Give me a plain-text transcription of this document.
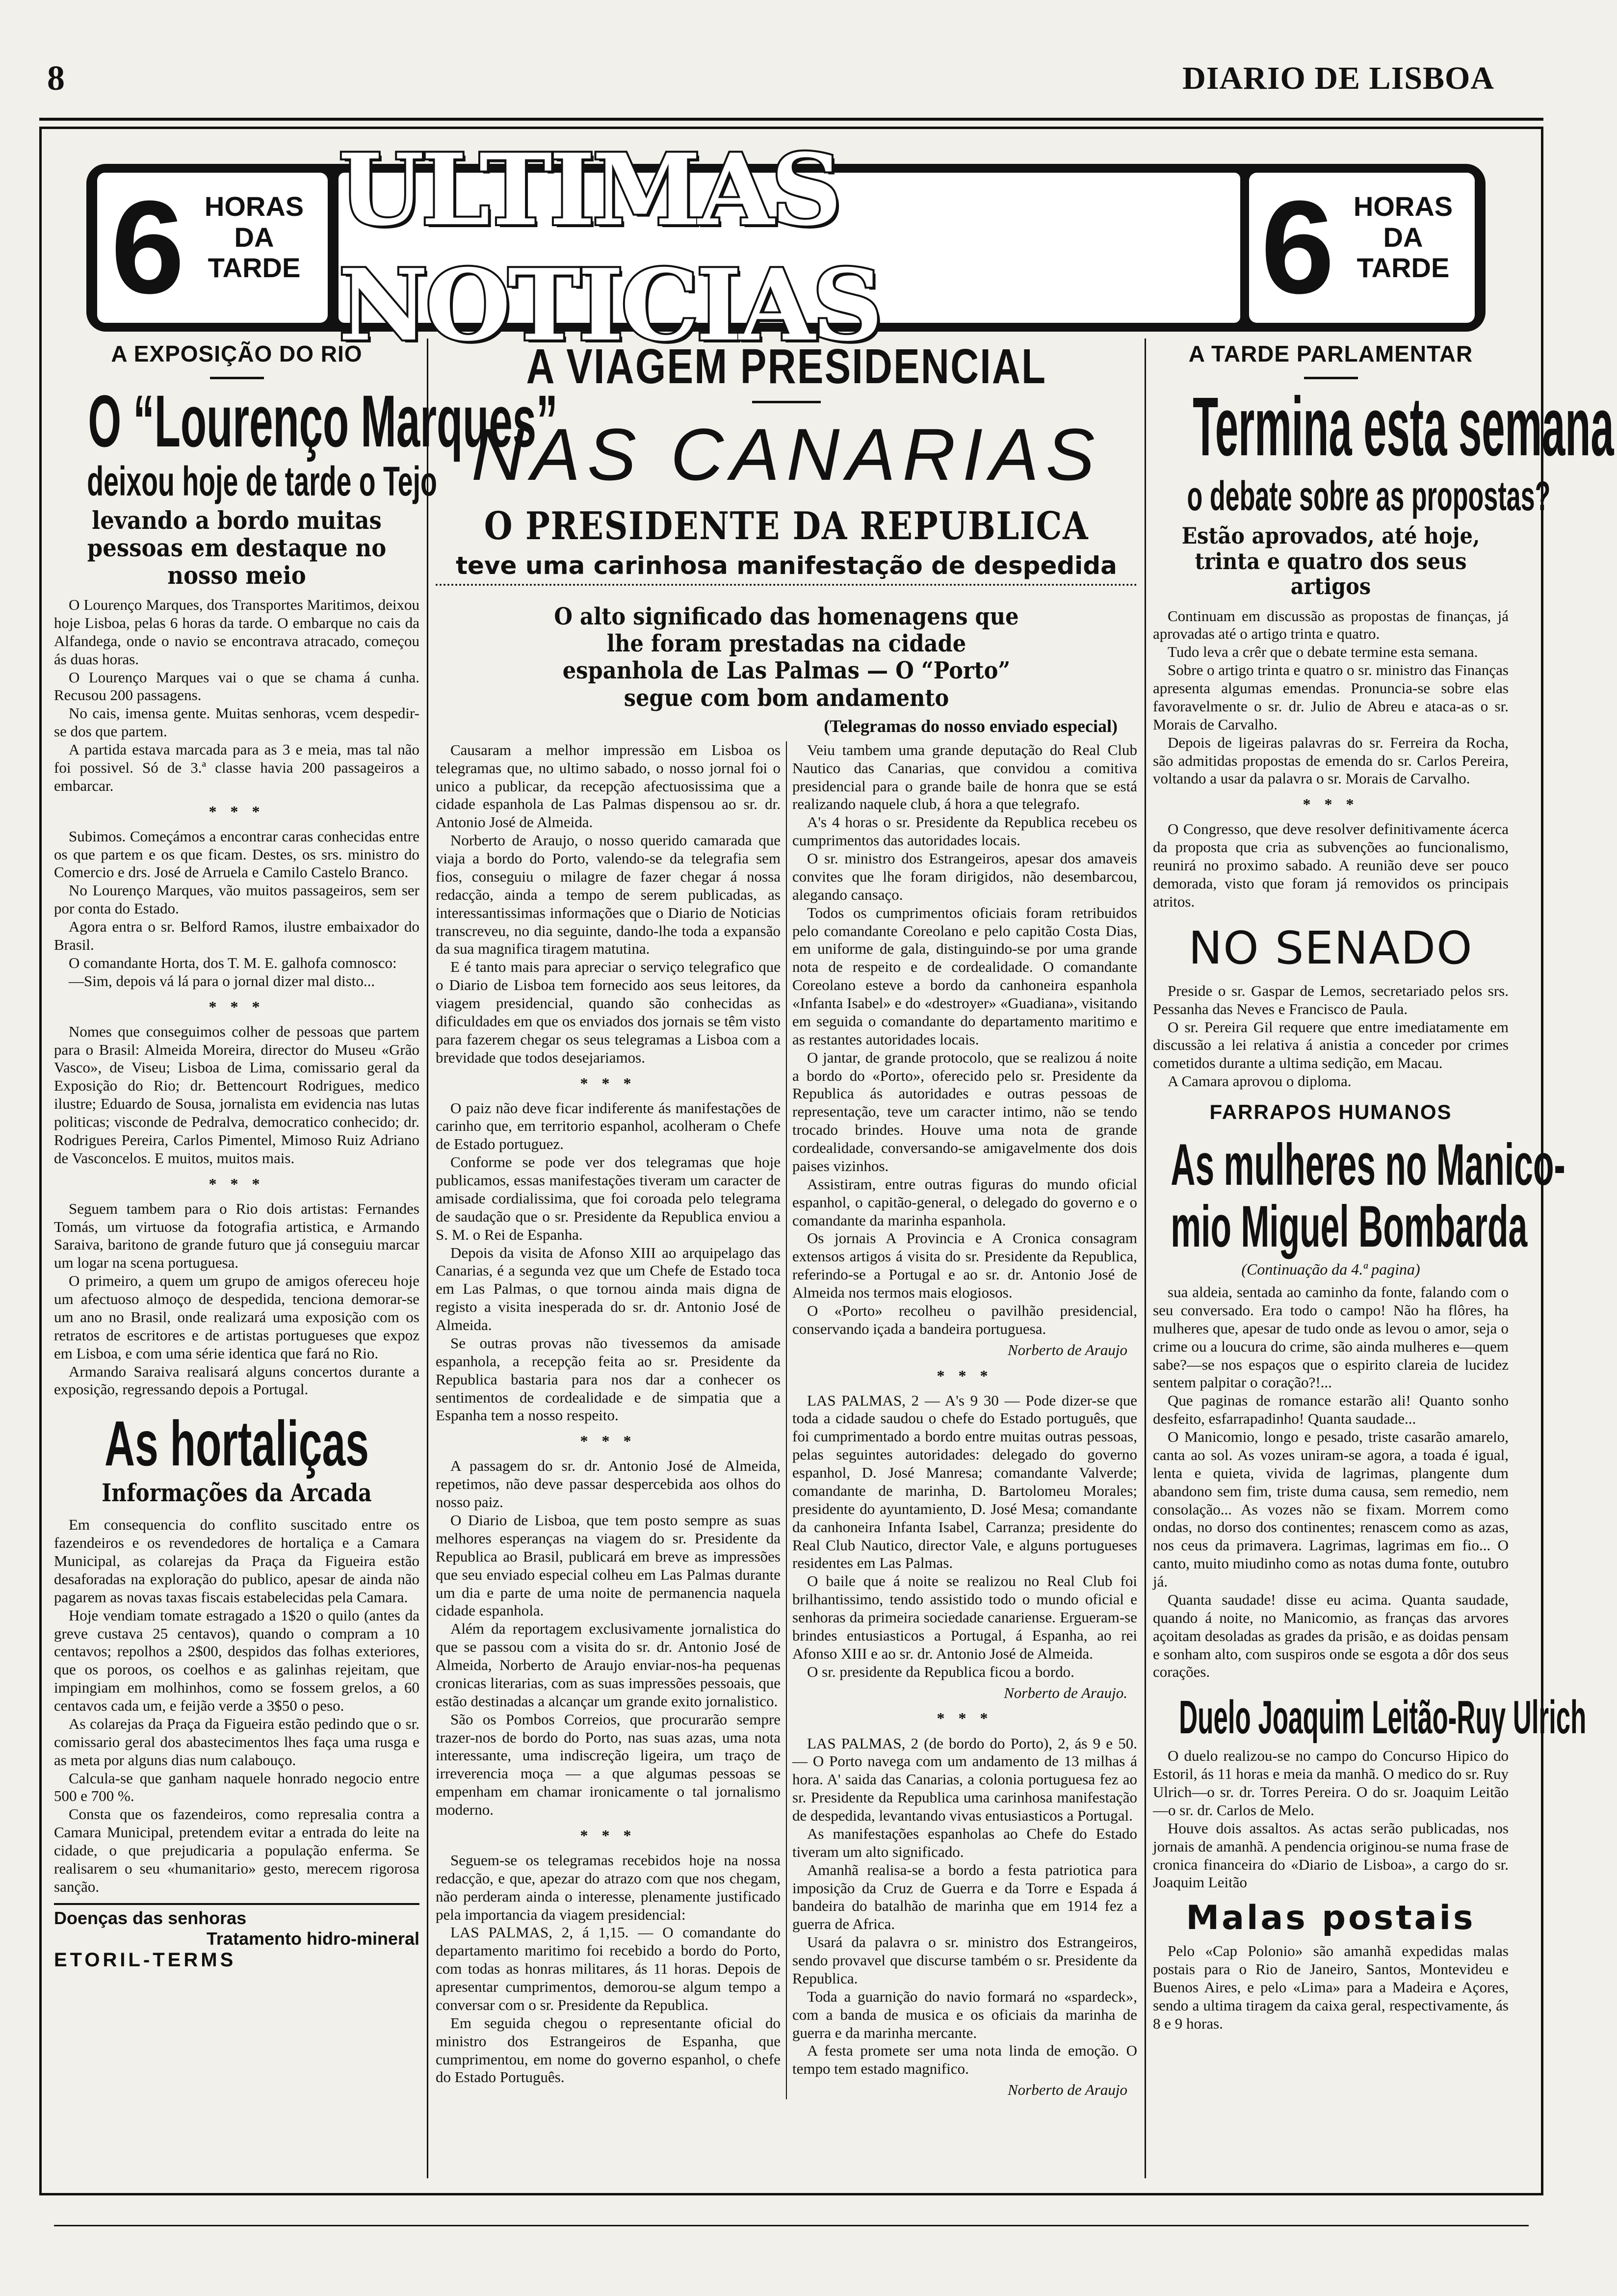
8	DIARIO DE LISBOA
6 HORAS
DA
TARDE
ULTIMAS NOTICIAS	6 HORAS
DA
TARDE
A EXPOSIÇÃO DO RIO
O “Lourenço Marques”
deixou hoje de tarde o Tejo
levando a bordo muitas pessoas em destaque no nosso meio

O Lourenço Marques, dos Transportes Maritimos, deixou hoje Lisboa, pelas 6 horas da tarde. O embarque no cais da Alfandega, onde o navio se encontrava atracado, começou ás duas horas.

O Lourenço Marques vai o que se chama á cunha. Recusou 200 passagens.

No cais, imensa gente. Muitas senhoras, vcem despedir-se dos que partem.

A partida estava marcada para as 3 e meia, mas tal não foi possivel. Só de 3.ª classe havia 200 passageiros a embarcar.

* * *

Subimos. Começámos a encontrar caras conhecidas entre os que partem e os que ficam. Destes, os srs. ministro do Comercio e drs. José de Arruela e Camilo Castelo Branco.

No Lourenço Marques, vão muitos passageiros, sem ser por conta do Estado.

Agora entra o sr. Belford Ramos, ilustre embaixador do Brasil.

O comandante Horta, dos T. M. E. galhofa comnosco:

—Sim, depois vá lá para o jornal dizer mal disto...

* * *

Nomes que conseguimos colher de pessoas que partem para o Brasil: Almeida Moreira, director do Museu «Grão Vasco», de Viseu; Lisboa de Lima, comissario geral da Exposição do Rio; dr. Bettencourt Rodrigues, medico ilustre; Eduardo de Sousa, jornalista em evidencia nas lutas politicas; visconde de Pedralva, democratico conhecido; dr. Rodrigues Pereira, Carlos Pimentel, Mimoso Ruiz Adriano de Vasconcelos. E muitos, muitos mais.

* * *

Seguem tambem para o Rio dois artistas: Fernandes Tomás, um virtuose da fotografia artistica, e Armando Saraiva, baritono de grande futuro que já conseguiu marcar um logar na scena portuguesa.

O primeiro, a quem um grupo de amigos ofereceu hoje um afectuoso almoço de despedida, tenciona demorar-se um ano no Brasil, onde realizará uma exposição com os retratos de escritores e de artistas portugueses que expoz em Lisboa, e com uma série identica que fará no Rio.

Armando Saraiva realisará alguns concertos durante a exposição, regressando depois a Portugal.

As hortaliças
Informações da Arcada

Em consequencia do conflito suscitado entre os fazendeiros e os revendedores de hortaliça e a Camara Municipal, as colarejas da Praça da Figueira estão desaforadas na exploração do publico, apesar de ainda não pagarem as novas taxas fiscais estabelecidas pela Camara.

Hoje vendiam tomate estragado a 1$20 o quilo (antes da greve custava 25 centavos), quando o compram a 10 centavos; repolhos a 2$00, despidos das folhas exteriores, que os poroos, os coelhos e as galinhas rejeitam, que impingiam em molhinhos, como se fossem grelos, a 60 centavos cada um, e feijão verde a 3$50 o peso.

As colarejas da Praça da Figueira estão pedindo que o sr. comissario geral dos abastecimentos lhes faça uma rusga e as meta por alguns dias num calabouço.

Calcula-se que ganham naquele honrado negocio entre 500 e 700 %.

Consta que os fazendeiros, como represalia contra a Camara Municipal, pretendem evitar a entrada do leite na cidade, o que prejudicaria a população enferma. Se realisarem o seu «humanitario» gesto, merecem rigorosa sanção.

Doenças das senhoras
Tratamento hidro-mineral
ETORIL-TERMS
A VIAGEM PRESIDENCIAL
NAS CANARIAS
O PRESIDENTE DA REPUBLICA
teve uma carinhosa manifestação de despedida
O alto significado das homenagens que lhe foram prestadas na cidade espanhola de Las Palmas — O “Porto” segue com bom andamento
(Telegramas do nosso enviado especial)

Causaram a melhor impressão em Lisboa os telegramas que, no ultimo sabado, o nosso jornal foi o unico a publicar, da recepção afectuosissima que a cidade espanhola de Las Palmas dispensou ao sr. dr. Antonio José de Almeida.

Norberto de Araujo, o nosso querido camarada que viaja a bordo do Porto, valendo-se da telegrafia sem fios, conseguiu o milagre de fazer chegar á nossa redacção, ainda a tempo de serem publicadas, as interessantissimas informações que o Diario de Noticias transcreveu, no dia seguinte, dando-lhe toda a expansão da sua magnifica tiragem matutina.

E é tanto mais para apreciar o serviço telegrafico que o Diario de Lisboa tem fornecido aos seus leitores, da viagem presidencial, quando são conhecidas as dificuldades em que os enviados dos jornais se têm visto para fazerem chegar os seus telegramas a Lisboa com a brevidade que todos desejariamos.

* * *

O paiz não deve ficar indiferente ás manifestações de carinho que, em territorio espanhol, acolheram o Chefe de Estado portuguez.

Conforme se pode ver dos telegramas que hoje publicamos, essas manifestações tiveram um caracter de amisade cordialissima, que foi coroada pelo telegrama de saudação que o sr. Presidente da Republica enviou a S. M. o Rei de Espanha.

Depois da visita de Afonso XIII ao arquipelago das Canarias, é a segunda vez que um Chefe de Estado toca em Las Palmas, o que tornou ainda mais digna de registo a visita inesperada do sr. dr. Antonio José de Almeida.

Se outras provas não tivessemos da amisade espanhola, a recepção feita ao sr. Presidente da Republica bastaria para nos dar a conhecer os sentimentos de cordealidade e de simpatia que a Espanha tem a nosso respeito.

* * *

A passagem do sr. dr. Antonio José de Almeida, repetimos, não deve passar despercebida aos olhos do nosso paiz.

O Diario de Lisboa, que tem posto sempre as suas melhores esperanças na viagem do sr. Presidente da Republica ao Brasil, publicará em breve as impressões que seu enviado especial colheu em Las Palmas durante um dia e parte de uma noite de permanencia naquela cidade espanhola.

Além da reportagem exclusivamente jornalistica do que se passou com a visita do sr. dr. Antonio José de Almeida, Norberto de Araujo enviar-nos-ha pequenas cronicas literarias, com as suas impressões pessoais, que estão destinadas a alcançar um grande exito jornalistico.

São os Pombos Correios, que procurarão sempre trazer-nos de bordo do Porto, nas suas azas, uma nota interessante, uma indiscreção ligeira, um traço de irreverencia moça — a que algumas pessoas se empenham em chamar ironicamente o tal jornalismo moderno.

* * *

Seguem-se os telegramas recebidos hoje na nossa redacção, e que, apezar do atrazo com que nos chegam, não perderam ainda o interesse, plenamente justificado pela importancia da viagem presidencial:

LAS PALMAS, 2, á 1,15. — O comandante do departamento maritimo foi recebido a bordo do Porto, com todas as honras militares, ás 11 horas. Depois de apresentar cumprimentos, demorou-se algum tempo a conversar com o sr. Presidente da Republica.

Em seguida chegou o representante oficial do ministro dos Estrangeiros de Espanha, que cumprimentou, em nome do governo espanhol, o chefe do Estado Português.

Veiu tambem uma grande deputação do Real Club Nautico das Canarias, que convidou a comitiva presidencial para o grande baile de honra que se está realizando naquele club, á hora a que telegrafo.

A's 4 horas o sr. Presidente da Republica recebeu os cumprimentos das autoridades locais.

O sr. ministro dos Estrangeiros, apesar dos amaveis convites que lhe foram dirigidos, não desembarcou, alegando cansaço.

Todos os cumprimentos oficiais foram retribuidos pelo comandante Coreolano e pelo capitão Costa Dias, em uniforme de gala, distinguindo-se por uma grande nota de respeito e de cordealidade. O comandante Coreolano esteve a bordo da canhoneira espanhola «Infanta Isabel» e do «destroyer» «Guadiana», visitando em seguida o comandante do departamento maritimo e as restantes autoridades locais.

O jantar, de grande protocolo, que se realizou á noite a bordo do «Porto», oferecido pelo sr. Presidente da Republica ás autoridades e outras pessoas de representação, teve um caracter intimo, não se tendo trocado brindes. Houve uma nota de grande cordealidade, conversando-se amigavelmente dos dois paises vizinhos.

Assistiram, entre outras figuras do mundo oficial espanhol, o capitão-general, o delegado do governo e o comandante da marinha espanhola.

Os jornais A Provincia e A Cronica consagram extensos artigos á visita do sr. Presidente da Republica, referindo-se a Portugal e ao sr. dr. Antonio José de Almeida nos termos mais elogiosos.

O «Porto» recolheu o pavilhão presidencial, conservando içada a bandeira portuguesa.

Norberto de Araujo
* * *

LAS PALMAS, 2 — A's 9 30 — Pode dizer-se que toda a cidade saudou o chefe do Estado português, que foi cumprimentado a bordo entre muitas outras pessoas, pelas seguintes autoridades: delegado do governo espanhol, D. José Manresa; comandante Valverde; comandante de marinha, D. Bartolomeu Morales; presidente do ayuntamiento, D. José Mesa; comandante da canhoneira Infanta Isabel, Carranza; presidente do Real Club Nautico, director Vale, e alguns portugueses residentes em Las Palmas.

O baile que á noite se realizou no Real Club foi brilhantissimo, tendo assistido todo o mundo oficial e senhoras da primeira sociedade canariense. Ergueram-se brindes entusiasticos a Portugal, á Espanha, ao rei Afonso XIII e ao sr. dr. Antonio José de Almeida.

O sr. presidente da Republica ficou a bordo.

Norberto de Araujo.
* * *

LAS PALMAS, 2 (de bordo do Porto), 2, ás 9 e 50. — O Porto navega com um andamento de 13 milhas á hora. A' saida das Canarias, a colonia portuguesa fez ao sr. Presidente da Republica uma carinhosa manifestação de despedida, levantando vivas entusiasticos a Portugal.

As manifestações espanholas ao Chefe do Estado tiveram um alto significado.

Amanhã realisa-se a bordo a festa patriotica para imposição da Cruz de Guerra e da Torre e Espada á bandeira do batalhão de marinha que em 1914 fez a guerra de Africa.

Usará da palavra o sr. ministro dos Estrangeiros, sendo provavel que discurse também o sr. Presidente da Republica.

Toda a guarnição do navio formará no «spardeck», com a banda de musica e os oficiais da marinha de guerra e da marinha mercante.

A festa promete ser uma nota linda de emoção. O tempo tem estado magnifico.

Norberto de Araujo
A TARDE PARLAMENTAR
Termina esta semana
o debate sobre as propostas?
Estão aprovados, até hoje, trinta e quatro dos seus artigos

Continuam em discussão as propostas de finanças, já aprovadas até o artigo trinta e quatro.

Tudo leva a crêr que o debate termine esta semana.

Sobre o artigo trinta e quatro o sr. ministro das Finanças apresenta algumas emendas. Pronuncia-se sobre elas favoravelmente o sr. dr. Julio de Abreu e ataca-as o sr. Morais de Carvalho.

Depois de ligeiras palavras do sr. Ferreira da Rocha, são admitidas propostas de emenda do sr. Carlos Pereira, voltando a usar da palavra o sr. Morais de Carvalho.

* * *

O Congresso, que deve resolver definitivamente ácerca da proposta que cria as subvenções ao funcionalismo, reunirá no proximo sabado. A reunião deve ser pouco demorada, visto que foram já removidos os principais atritos.

NO SENADO

Preside o sr. Gaspar de Lemos, secretariado pelos srs. Pessanha das Neves e Francisco de Paula.

O sr. Pereira Gil requere que entre imediatamente em discussão a lei relativa á anistia a conceder por crimes cometidos durante a ultima sedição, em Macau.

A Camara aprovou o diploma.

FARRAPOS HUMANOS
As mulheres no Manico-
mio Miguel Bombarda
(Continuação da 4.ª pagina)

sua aldeia, sentada ao caminho da fonte, falando com o seu conversado. Era todo o campo! Não ha flôres, ha mulheres que, apesar de tudo onde as levou o amor, seja o crime ou a loucura do crime, são ainda mulheres e—quem sabe?—se nos espaços que o espirito clareia de lucidez sentem palpitar o coração?!...

Que paginas de romance estarão ali! Quanto sonho desfeito, esfarrapadinho! Quanta saudade...

O Manicomio, longo e pesado, triste casarão amarelo, canta ao sol. As vozes uniram-se agora, a toada é igual, lenta e quieta, vivida de lagrimas, plangente dum abandono sem fim, triste duma causa, sem remedio, nem consolação... As vozes não se fixam. Morrem como ondas, no dorso dos continentes; renascem como as azas, nos ceus da primavera. Lagrimas, lagrimas em fio... O canto, muito miudinho como as notas duma fonte, outubro já.

Quanta saudade! disse eu acima. Quanta saudade, quando á noite, no Manicomio, as franças das arvores açoitam desoladas as grades da prisão, e as doidas pensam e sonham alto, com suspiros onde se esgota a dôr dos seus corações.

Duelo Joaquim Leitão-Ruy Ulrich

O duelo realizou-se no campo do Concurso Hipico do Estoril, ás 11 horas e meia da manhã. O medico do sr. Ruy Ulrich—o sr. dr. Torres Pereira. O do sr. Joaquim Leitão—o sr. dr. Carlos de Melo.

Houve dois assaltos. As actas serão publicadas, nos jornais de amanhã. A pendencia originou-se numa frase de cronica financeira do «Diario de Lisboa», a cargo do sr. Joaquim Leitão

Malas postais

Pelo «Cap Polonio» são amanhã expedidas malas postais para o Rio de Janeiro, Santos, Montevideu e Buenos Aires, e pelo «Lima» para a Madeira e Açores, sendo a ultima tiragem da caixa geral, respectivamente, ás 8 e 9 horas.
